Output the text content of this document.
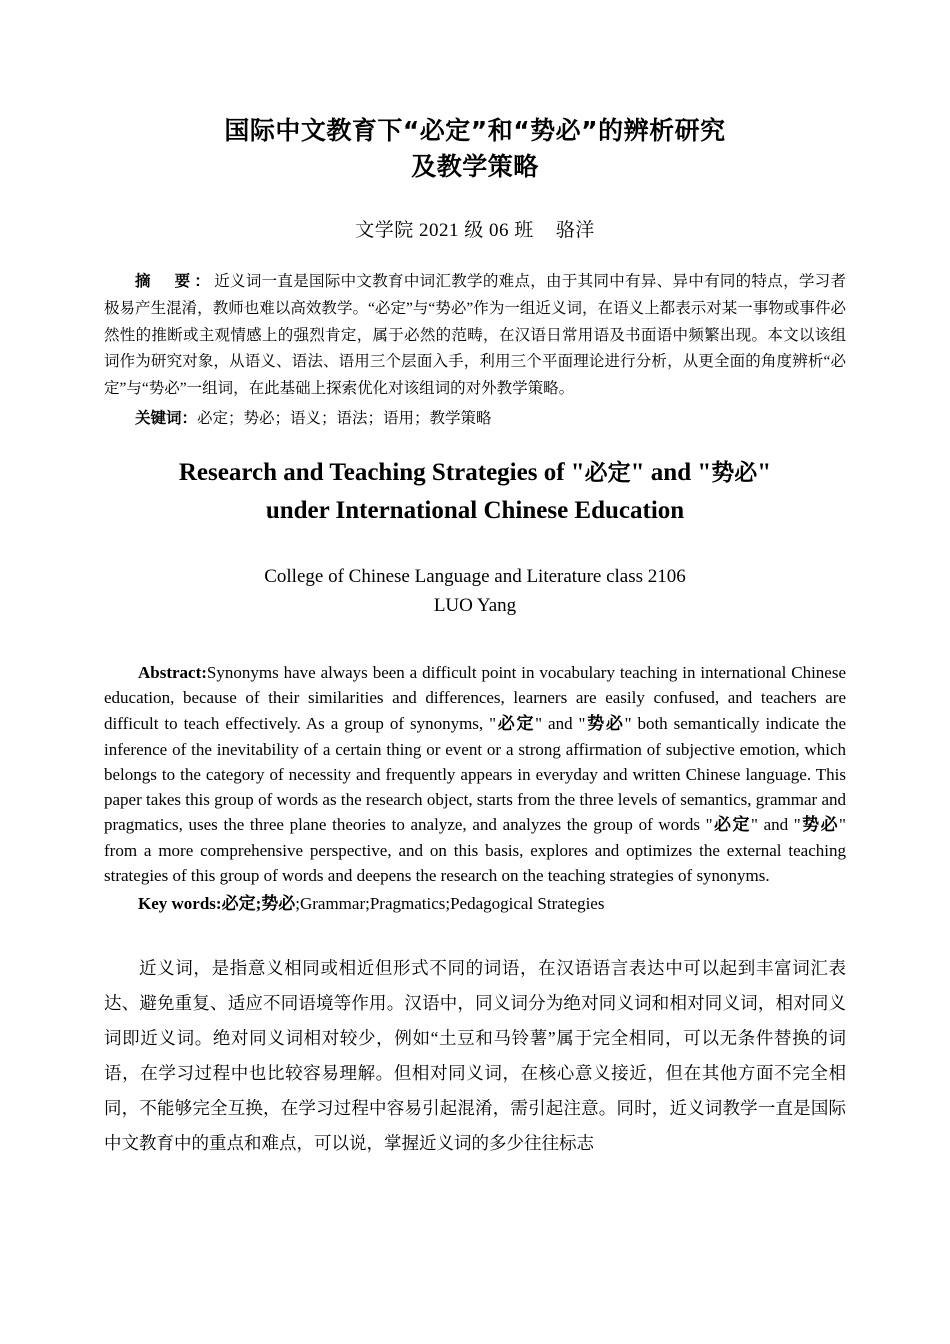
国际中文教育下“必定”和“势必”的辨析研究
及教学策略
文学院 2021 级 06 班 骆洋

摘　要：近义词一直是国际中文教育中词汇教学的难点，由于其同中有异、异中有同的特点，学习者极易产生混淆，教师也难以高效教学。“必定”与“势必”作为一组近义词，在语义上都表示对某一事物或事件必然性的推断或主观情感上的强烈肯定，属于必然的范畴，在汉语日常用语及书面语中频繁出现。本文以该组词作为研究对象，从语义、语法、语用三个层面入手，利用三个平面理论进行分析，从更全面的角度辨析“必定”与“势必”一组词，在此基础上探索优化对该组词的对外教学策略。

关键词：必定；势必；语义；语法；语用；教学策略
Research and Teaching Strategies of "必定" and "势必"
under International Chinese Education
College of Chinese Language and Literature class 2106
LUO Yang

Abstract:Synonyms have always been a difficult point in vocabulary teaching in international Chinese education, because of their similarities and differences, learners are easily confused, and teachers are difficult to teach effectively. As a group of synonyms, "必定" and "势必" both semantically indicate the inference of the inevitability of a certain thing or event or a strong affirmation of subjective emotion, which belongs to the category of necessity and frequently appears in everyday and written Chinese language. This paper takes this group of words as the research object, starts from the three levels of semantics, grammar and pragmatics, uses the three plane theories to analyze, and analyzes the group of words "必定" and "势必" from a more comprehensive perspective, and on this basis, explores and optimizes the external teaching strategies of this group of words and deepens the research on the teaching strategies of synonyms.

Key words:必定;势必;Grammar;Pragmatics;Pedagogical Strategies

近义词，是指意义相同或相近但形式不同的词语，在汉语语言表达中可以起到丰富词汇表达、避免重复、适应不同语境等作用。汉语中，同义词分为绝对同义词和相对同义词，相对同义词即近义词。绝对同义词相对较少，例如“土豆和马铃薯”属于完全相同，可以无条件替换的词语，在学习过程中也比较容易理解。但相对同义词，在核心意义接近，但在其他方面不完全相同，不能够完全互换，在学习过程中容易引起混淆，需引起注意。同时，近义词教学一直是国际中文教育中的重点和难点，可以说，掌握近义词的多少往往标志
